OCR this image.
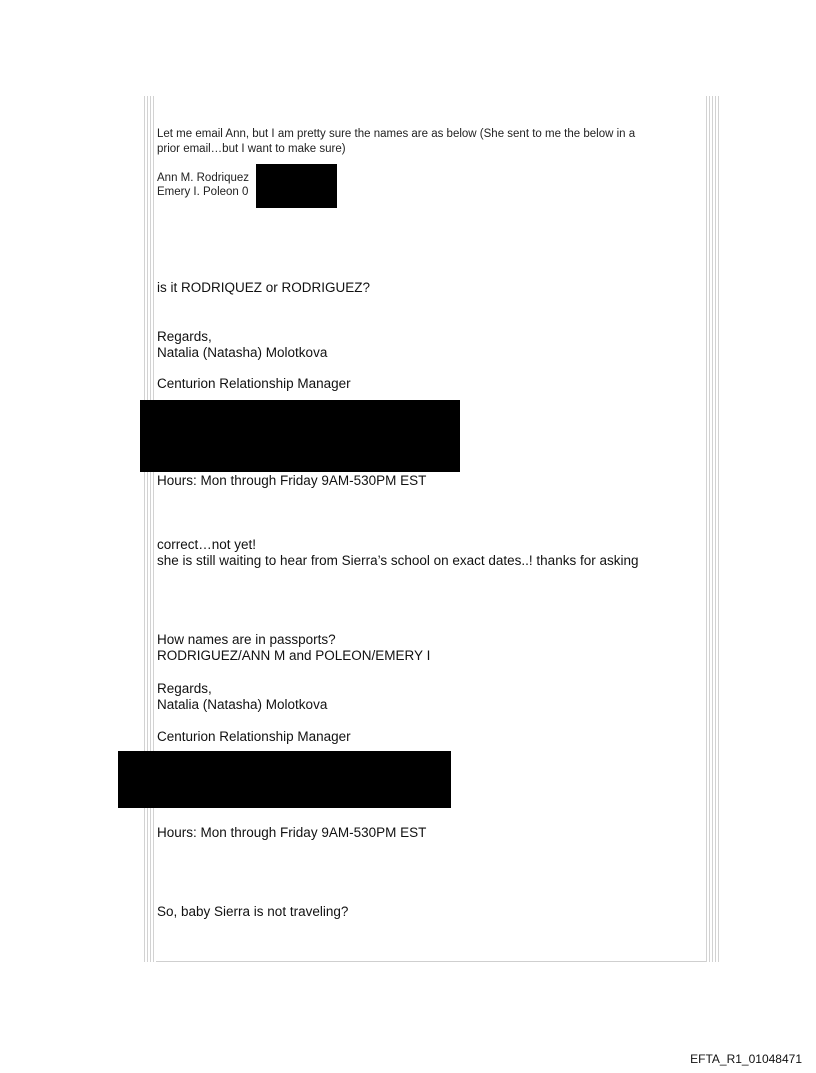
Let me email Ann, but I am pretty sure the names are as below (She sent to me the below in a
prior email…but I want to make sure)
Ann M. Rodriquez
Emery I. Poleon 0
is it RODRIQUEZ or RODRIGUEZ?
Regards,
Natalia (Natasha) Molotkova
Centurion Relationship Manager
Hours: Mon through Friday 9AM-530PM EST
correct…not yet!
she is still waiting to hear from Sierra’s school on exact dates..! thanks for asking
How names are in passports?
RODRIGUEZ/ANN M and POLEON/EMERY I
Regards,
Natalia (Natasha) Molotkova
Centurion Relationship Manager
Hours: Mon through Friday 9AM-530PM EST
So, baby Sierra is not traveling?
EFTA_R1_01048471
